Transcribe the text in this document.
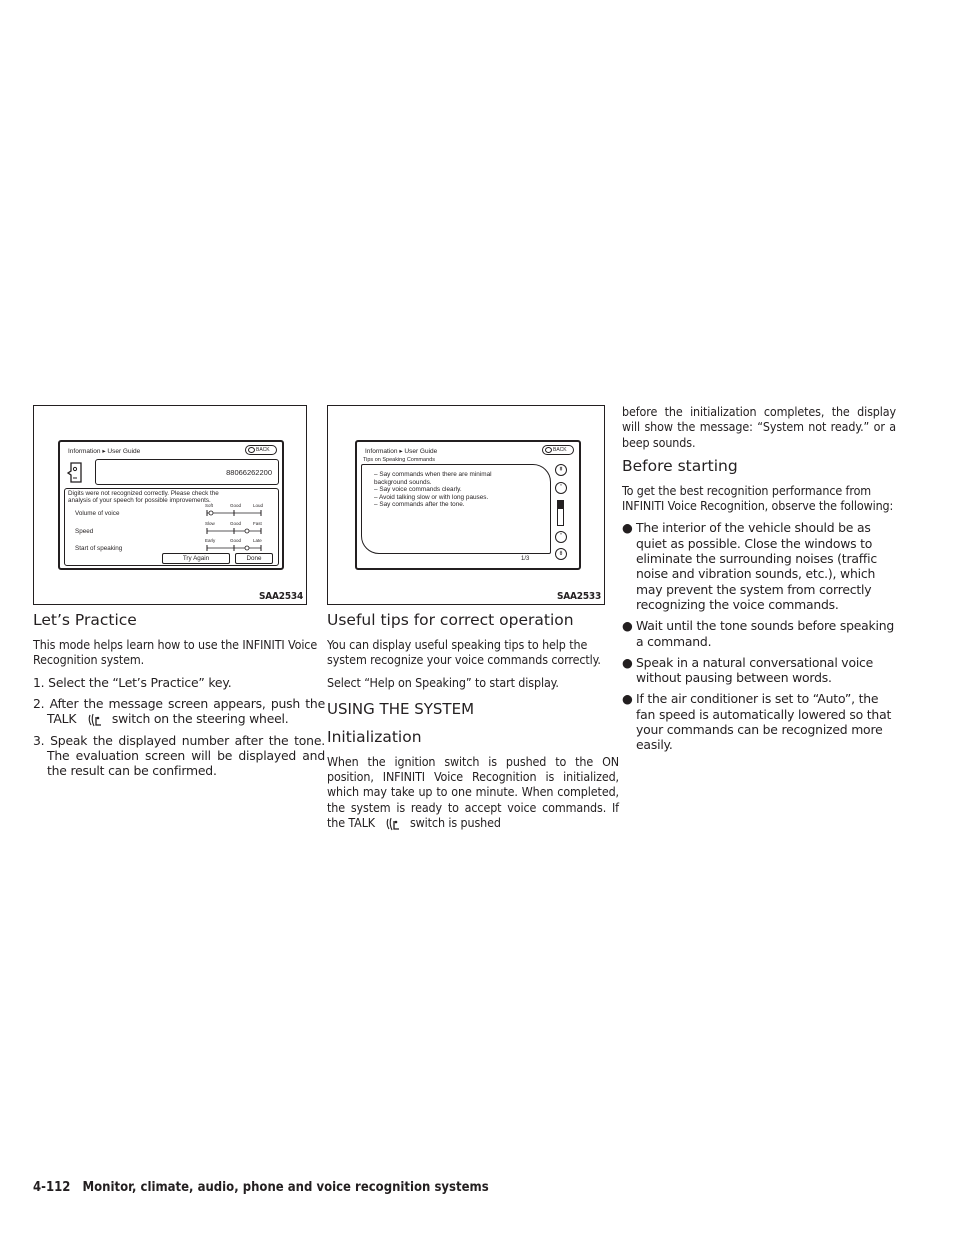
Information ▸ User Guide	BACK
88066262200
Digits were not recognized correctly. Please check the
analysis of your speech for possible improvements.
Volume of voice
Soft	Good	Loud
Speed
Slow	Good	Fast
Start of speaking
Early	Good	Late
Try Again	Done
SAA2534
Let’s Practice

This mode helps learn how to use the INFINITI Voice Recognition system.

1. Select the “Let’s Practice” key.
2. After the message screen appears, push the TALK	switch on the steering wheel.
3. Speak the displayed number after the tone. The evaluation screen will be displayed and the result can be confirmed.
Information ▸ User Guide	BACK
Tips on Speaking Commands
– Say commands when there are minimal
background sounds.
– Say voice commands clearly.
– Avoid talking slow or with long pauses.
– Say commands after the tone.
1/3
⇞
˄
˅
⇟
SAA2533
Useful tips for correct operation

You can display useful speaking tips to help the system recognize your voice commands correctly.

Select “Help on Speaking” to start display.

USING THE SYSTEM
Initialization

When the ignition switch is pushed to the ON position, INFINITI Voice Recognition is initialized, which may take up to one minute. When completed, the system is ready to accept voice commands. If the TALK	switch is pushed

before the initialization completes, the display will show the message: “System not ready.” or a beep sounds.

Before starting

To get the best recognition performance from INFINITI Voice Recognition, observe the following:

● The interior of the vehicle should be as quiet as possible. Close the windows to eliminate the surrounding noises (traffic noise and vibration sounds, etc.), which may prevent the system from correctly recognizing the voice commands.
● Wait until the tone sounds before speaking a command.
● Speak in a natural conversational voice without pausing between words.
● If the air conditioner is set to “Auto”, the fan speed is automatically lowered so that your commands can be recognized more easily.
4-112 Monitor, climate, audio, phone and voice recognition systems
